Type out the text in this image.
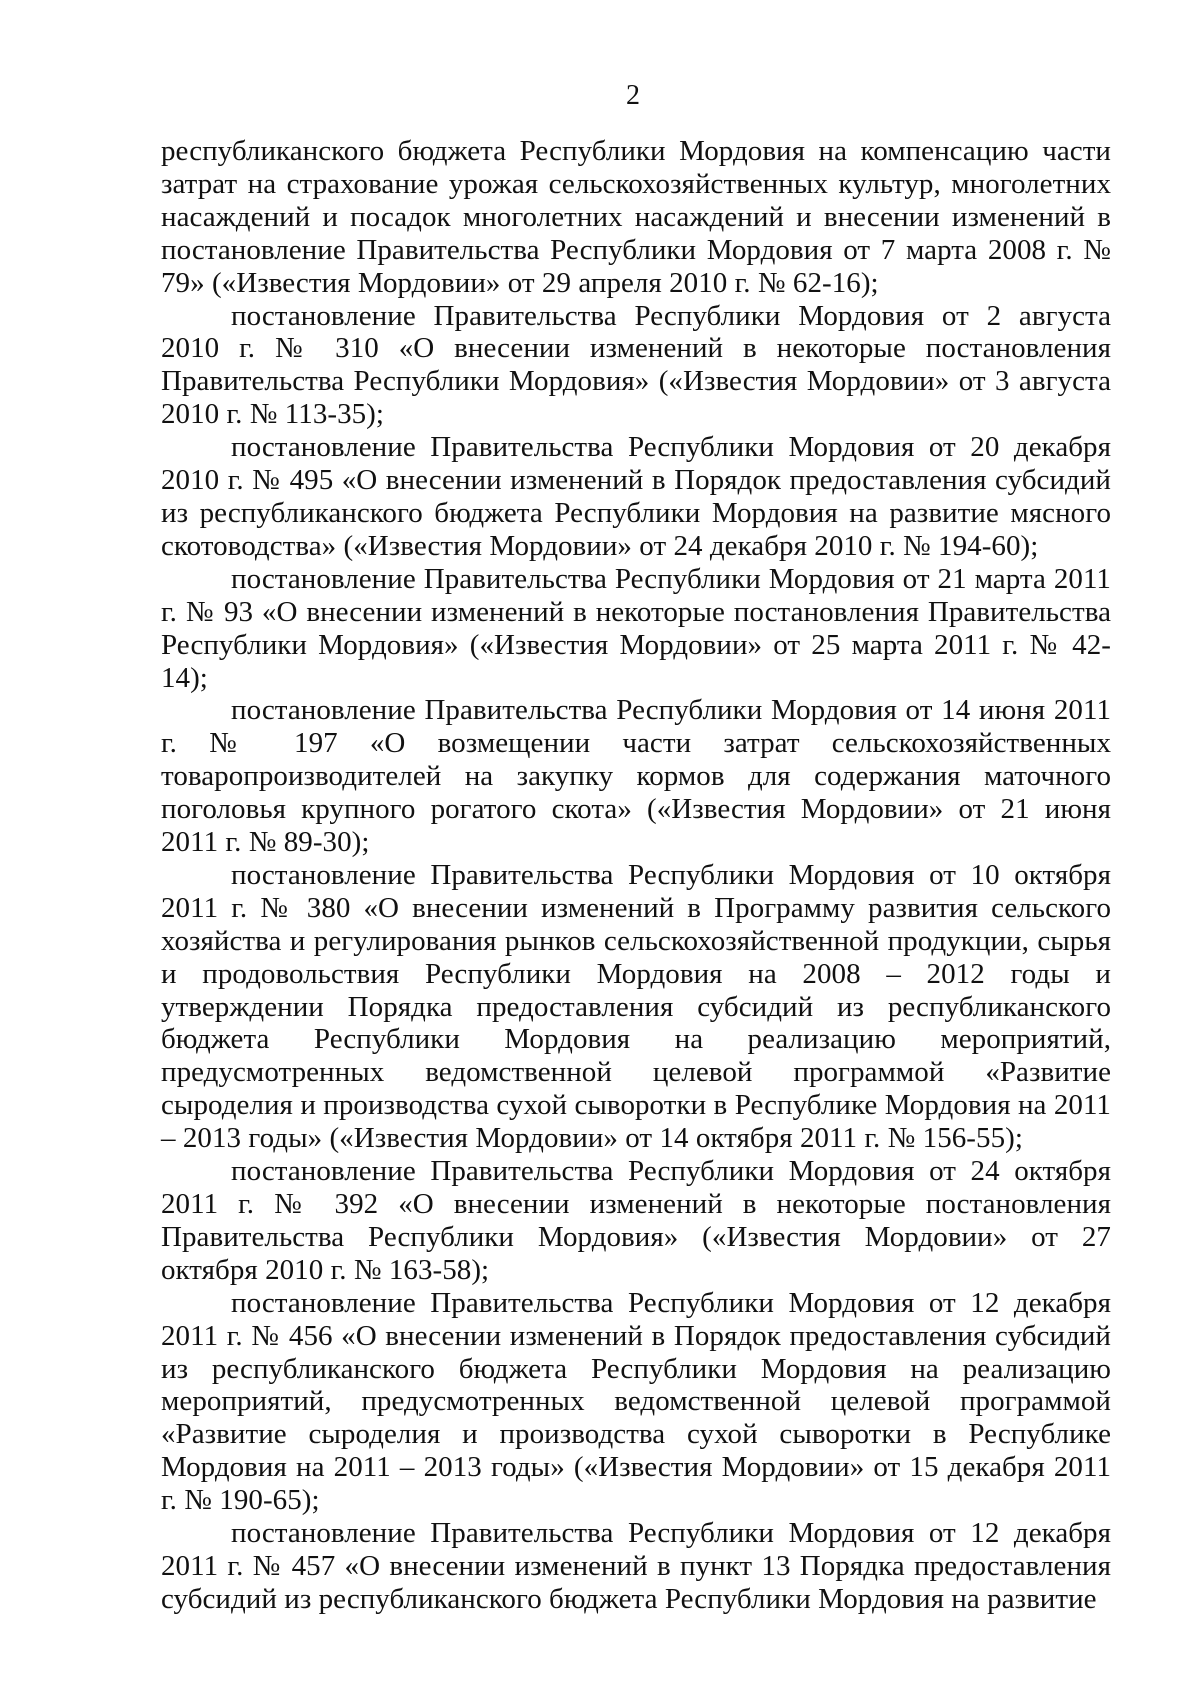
2

республиканского бюджета Республики Мордовия на компенсацию части затрат на страхование урожая сельскохозяйственных культур, многолетних насаждений и посадок многолетних насаждений и внесении изменений в постановление Правительства Республики Мордовия от 7 марта 2008 г. № 79» («Известия Мордовии» от 29 апреля 2010 г. № 62-16);

постановление Правительства Республики Мордовия от 2 августа 2010 г. № 310 «О внесении изменений в некоторые постановления Правительства Республики Мордовия» («Известия Мордовии» от 3 августа 2010 г. № 113-35);

постановление Правительства Республики Мордовия от 20 декабря 2010 г. № 495 «О внесении изменений в Порядок предоставления субсидий из республиканского бюджета Республики Мордовия на развитие мясного скотоводства» («Известия Мордовии» от 24 декабря 2010 г. № 194-60);

постановление Правительства Республики Мордовия от 21 марта 2011 г. № 93 «О внесении изменений в некоторые постановления Правительства Республики Мордовия» («Известия Мордовии» от 25 марта 2011 г. № 42-14);

постановление Правительства Республики Мордовия от 14 июня 2011 г. № 197 «О возмещении части затрат сельскохозяйственных товаропроизводителей на закупку кормов для содержания маточного поголовья крупного рогатого скота» («Известия Мордовии» от 21 июня 2011 г. № 89-30);

постановление Правительства Республики Мордовия от 10 октября 2011 г. № 380 «О внесении изменений в Программу развития сельского хозяйства и регулирования рынков сельскохозяйственной продукции, сырья и продовольствия Республики Мордовия на 2008 – 2012 годы и утверждении Порядка предоставления субсидий из республиканского бюджета Республики Мордовия на реализацию мероприятий, предусмотренных ведомственной целевой программой «Развитие сыроделия и производства сухой сыворотки в Республике Мордовия на 2011 – 2013 годы» («Известия Мордовии» от 14 октября 2011 г. № 156-55);

постановление Правительства Республики Мордовия от 24 октября 2011 г. № 392 «О внесении изменений в некоторые постановления Правительства Республики Мордовия» («Известия Мордовии» от 27 октября 2010 г. № 163-58);

постановление Правительства Республики Мордовия от 12 декабря 2011 г. № 456 «О внесении изменений в Порядок предоставления субсидий из республиканского бюджета Республики Мордовия на реализацию мероприятий, предусмотренных ведомственной целевой программой «Развитие сыроделия и производства сухой сыворотки в Республике Мордовия на 2011 – 2013 годы» («Известия Мордовии» от 15 декабря 2011 г. № 190-65);

постановление Правительства Республики Мордовия от 12 декабря 2011 г. № 457 «О внесении изменений в пункт 13 Порядка предоставления субсидий из республиканского бюджета Республики Мордовия на развитие
